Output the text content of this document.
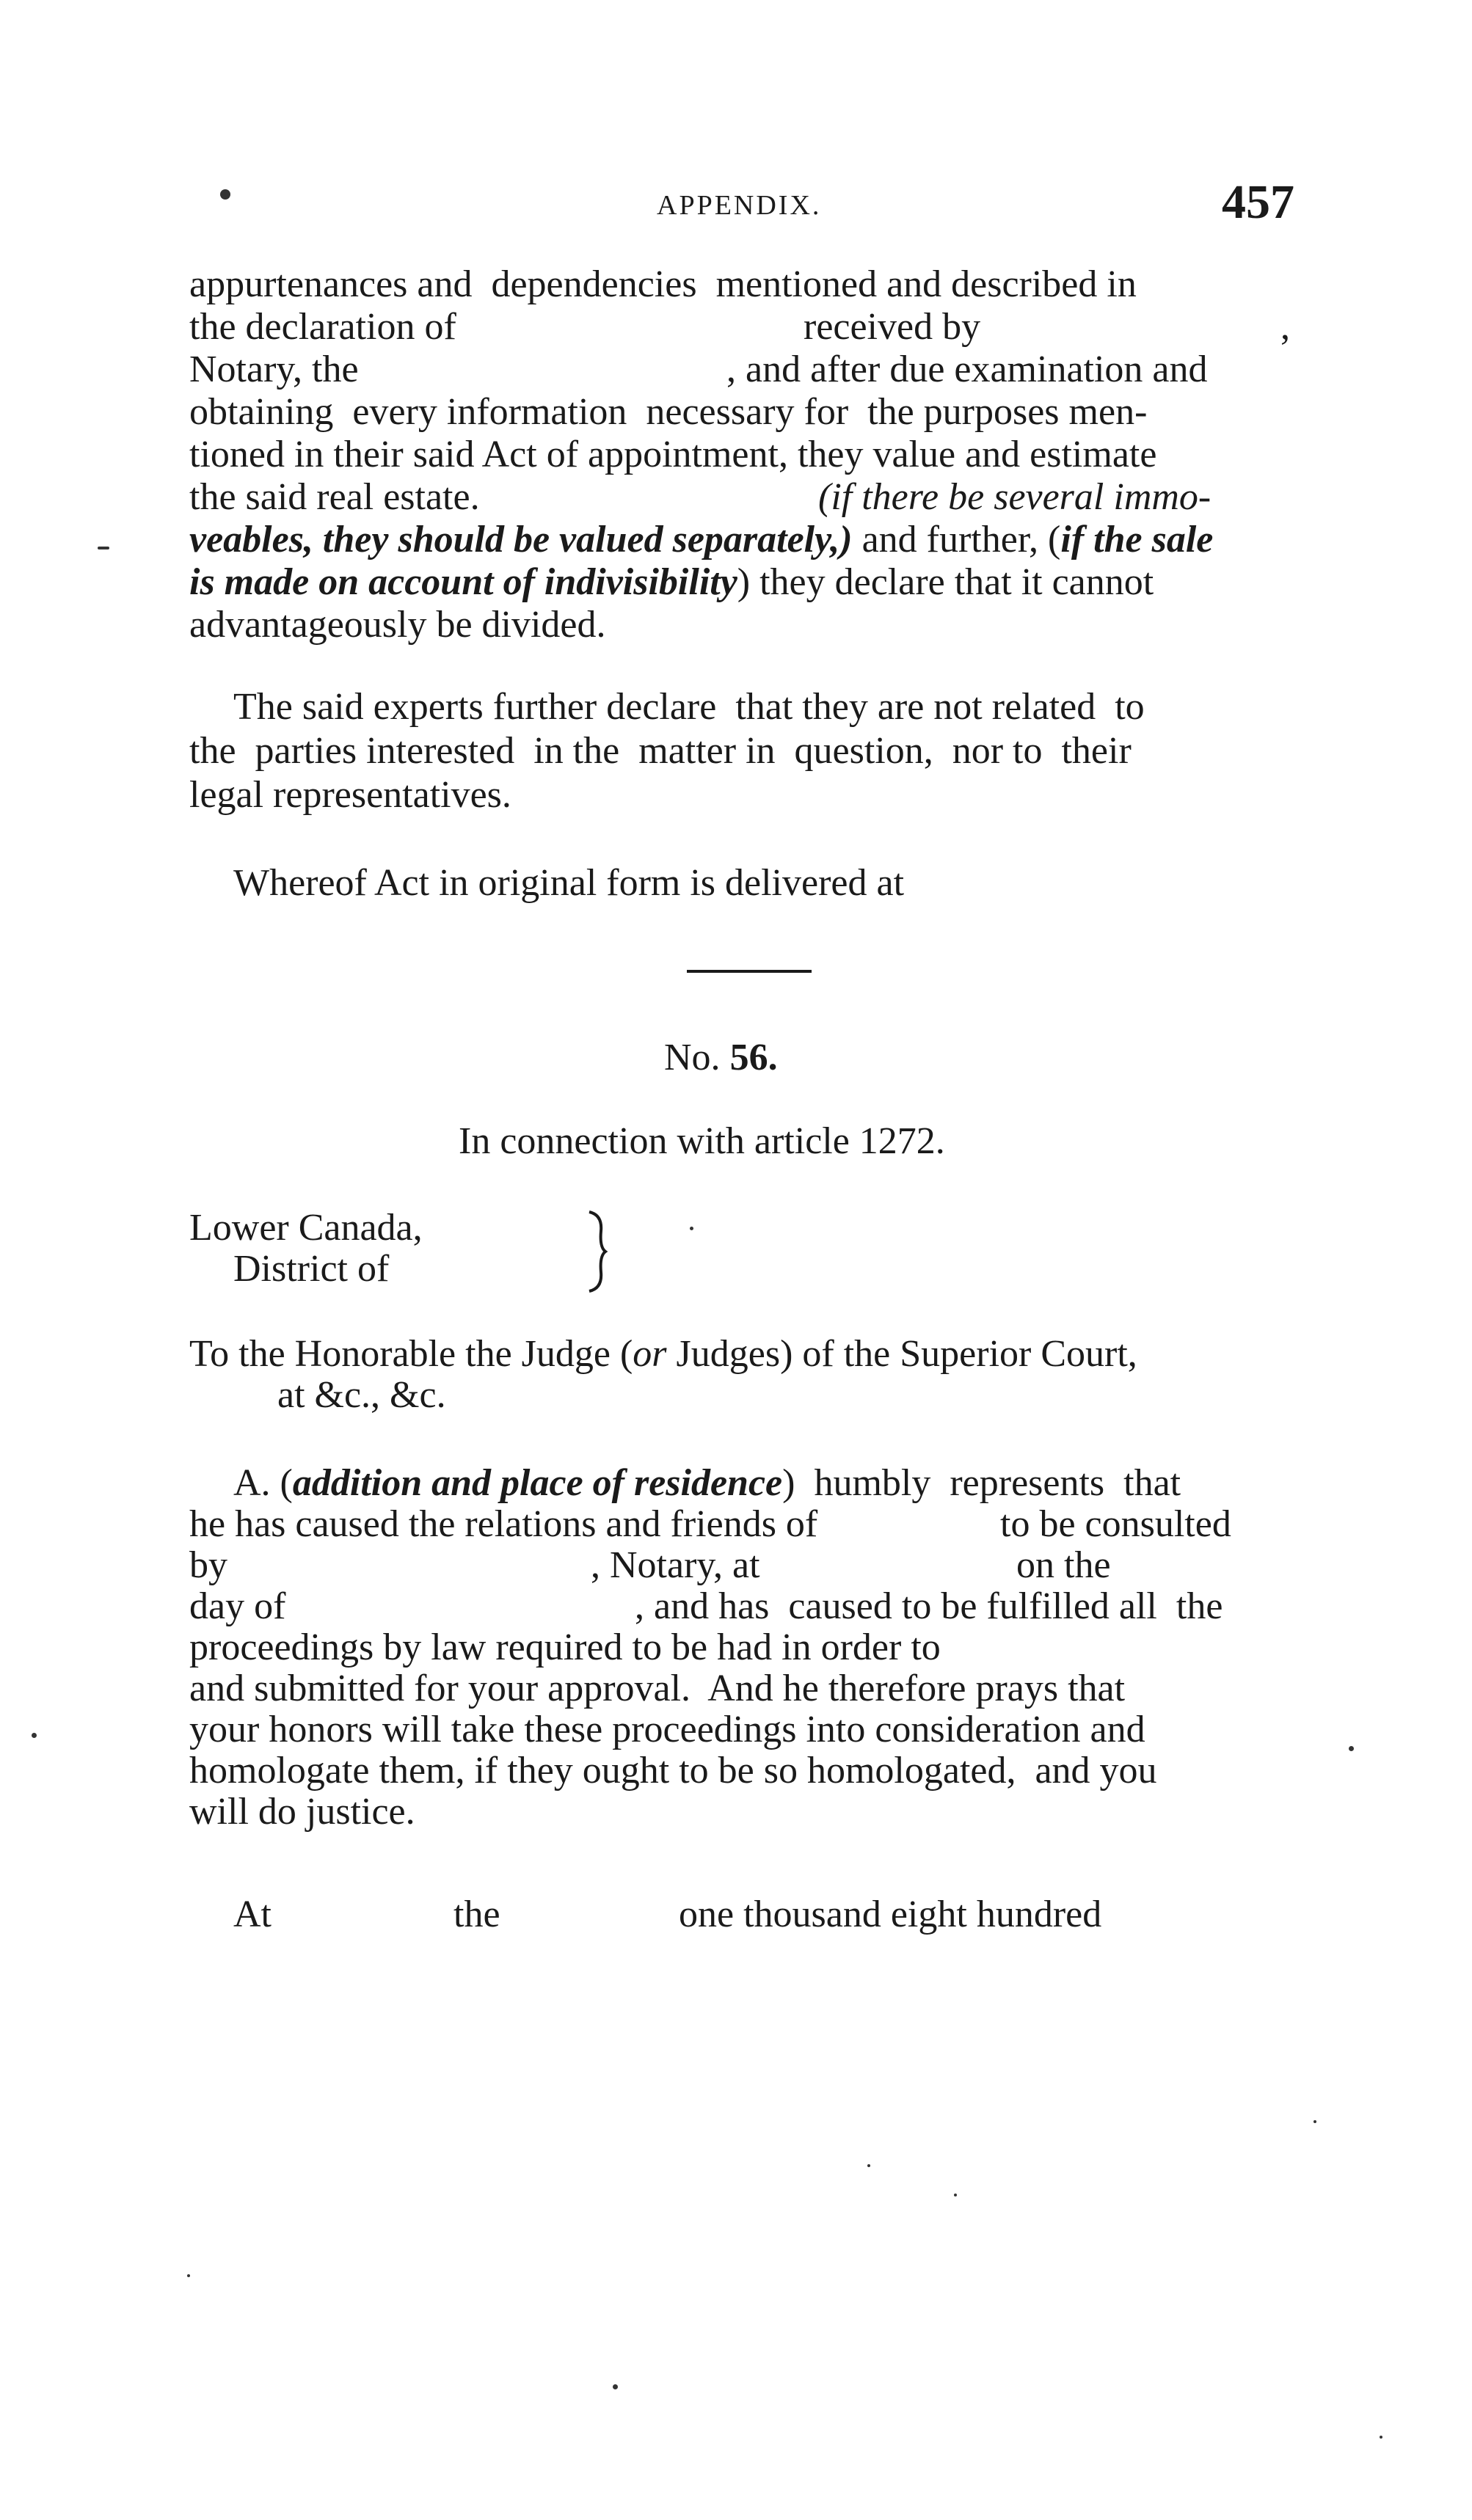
APPENDIX.	457
appurtenances and  dependencies  mentioned and described in
the declaration of	received by	,
Notary, the	, and after due examination and
obtaining  every information  necessary for  the purposes men-
tioned in their said Act of appointment, they value and estimate
the said real estate.	(if there be several immo-
veables, they should be valued separately,) and further, (if the sale
is made on account of indivisibility) they declare that it cannot
advantageously be divided.
The said experts further declare  that they are not related  to
the  parties interested  in the  matter in  question,  nor to  their
legal representatives.
Whereof Act in original form is delivered at
No. 56.
In connection with article 1272.
Lower Canada,
District of
To the Honorable the Judge (or Judges) of the Superior Court,
at &c., &c.
A. (addition and place of residence)  humbly  represents  that
he has caused the relations and friends of	to be consulted
by	, Notary, at	on the
day of	, and has  caused to be fulfilled all  the
proceedings by law required to be had in order to
and submitted for your approval.  And he therefore prays that
your honors will take these proceedings into consideration and
homologate them, if they ought to be so homologated,  and you
will do justice.
At	the	one thousand eight hundred
